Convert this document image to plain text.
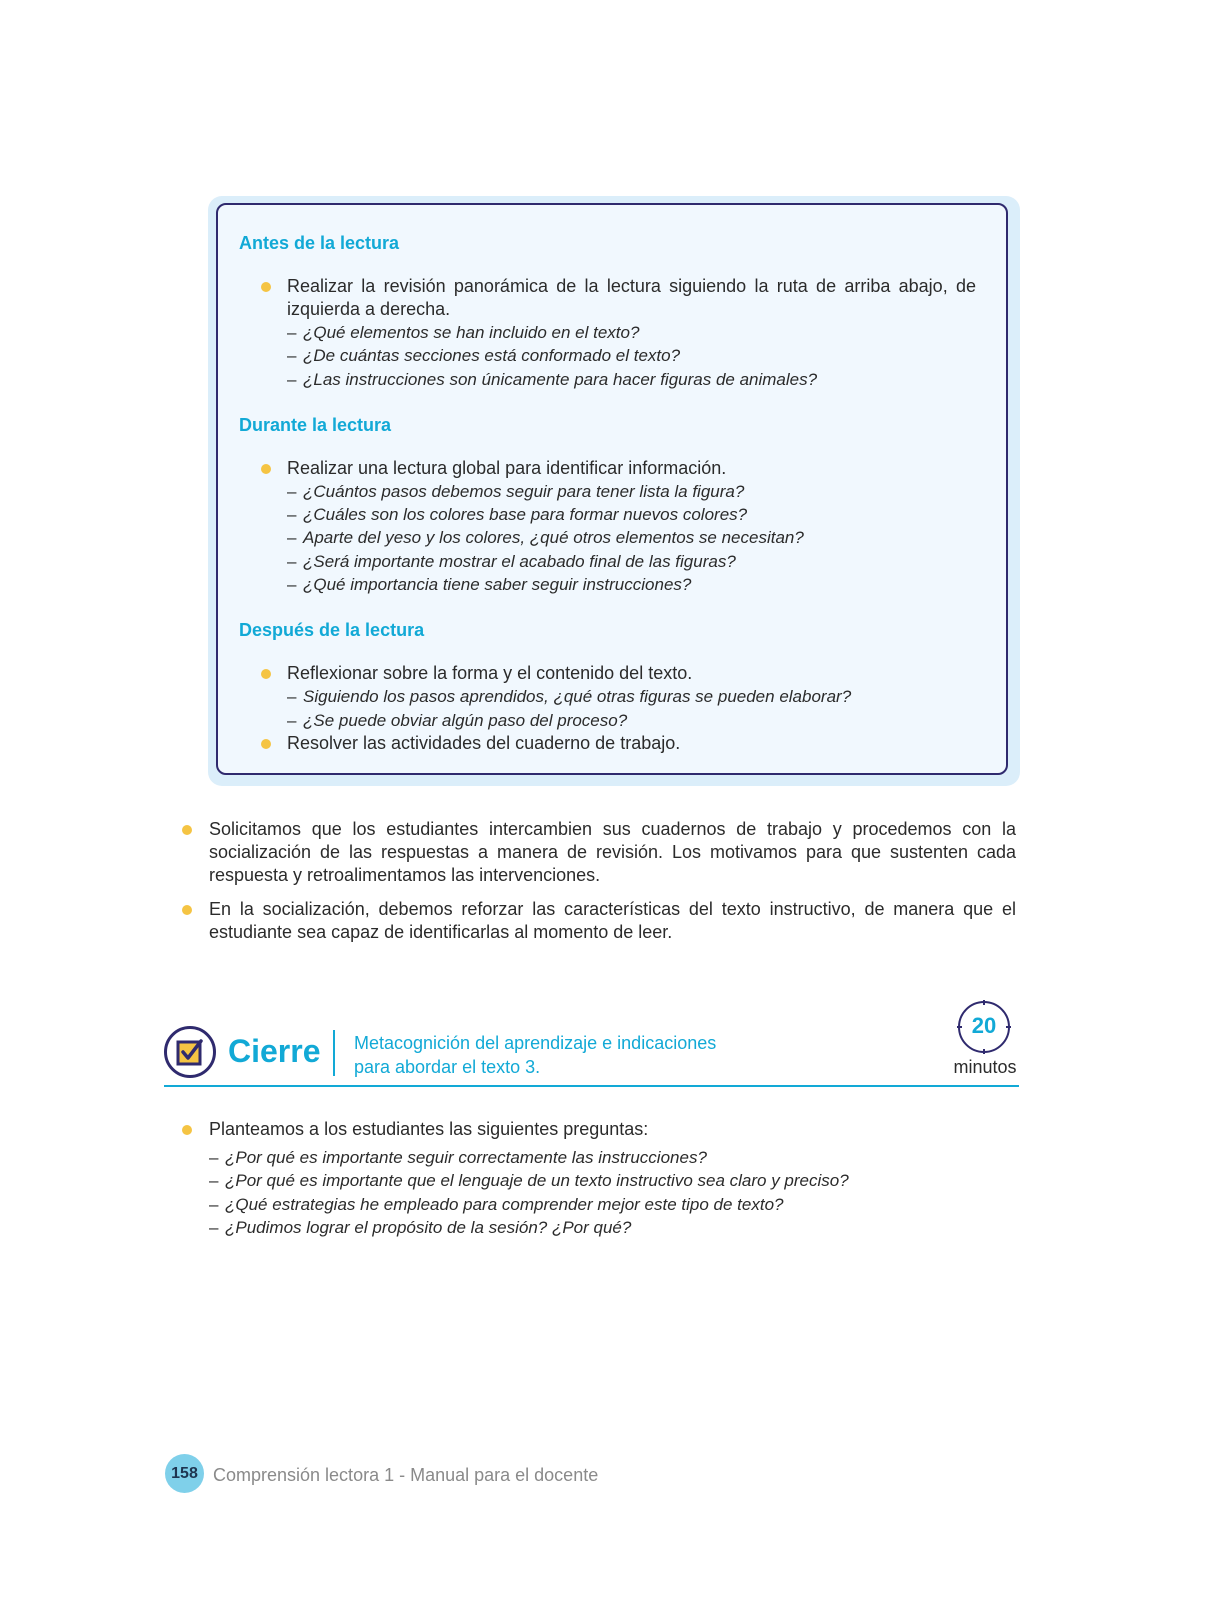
Antes de la lectura
Realizar la revisión panorámica de la lectura siguiendo la ruta de arriba abajo, de izquierda a derecha.
– ¿Qué elementos se han incluido en el texto?
– ¿De cuántas secciones está conformado el texto?
– ¿Las instrucciones son únicamente para hacer figuras de animales?
Durante la lectura
Realizar una lectura global para identificar información.
– ¿Cuántos pasos debemos seguir para tener lista la figura?
– ¿Cuáles son los colores base para formar nuevos colores?
– Aparte del yeso y los colores, ¿qué otros elementos se necesitan?
– ¿Será importante mostrar el acabado final de las figuras?
– ¿Qué importancia tiene saber seguir instrucciones?
Después de la lectura
Reflexionar sobre la forma y el contenido del texto.
– Siguiendo los pasos aprendidos, ¿qué otras figuras se pueden elaborar?
– ¿Se puede obviar algún paso del proceso?
Resolver las actividades del cuaderno de trabajo.
Solicitamos que los estudiantes intercambien sus cuadernos de trabajo y procedemos con la socialización de las respuestas a manera de revisión. Los motivamos para que sustenten cada respuesta y retroalimentamos las intervenciones.
En la socialización, debemos reforzar las características del texto instructivo, de manera que el estudiante sea capaz de identificarlas al momento de leer.
Cierre Metacognición del aprendizaje e indicaciones
para abordar el texto 3.
20
minutos
Planteamos a los estudiantes las siguientes preguntas:
– ¿Por qué es importante seguir correctamente las instrucciones?
– ¿Por qué es importante que el lenguaje de un texto instructivo sea claro y preciso?
– ¿Qué estrategias he empleado para comprender mejor este tipo de texto?
– ¿Pudimos lograr el propósito de la sesión? ¿Por qué?
158 Comprensión lectora 1 - Manual para el docente
